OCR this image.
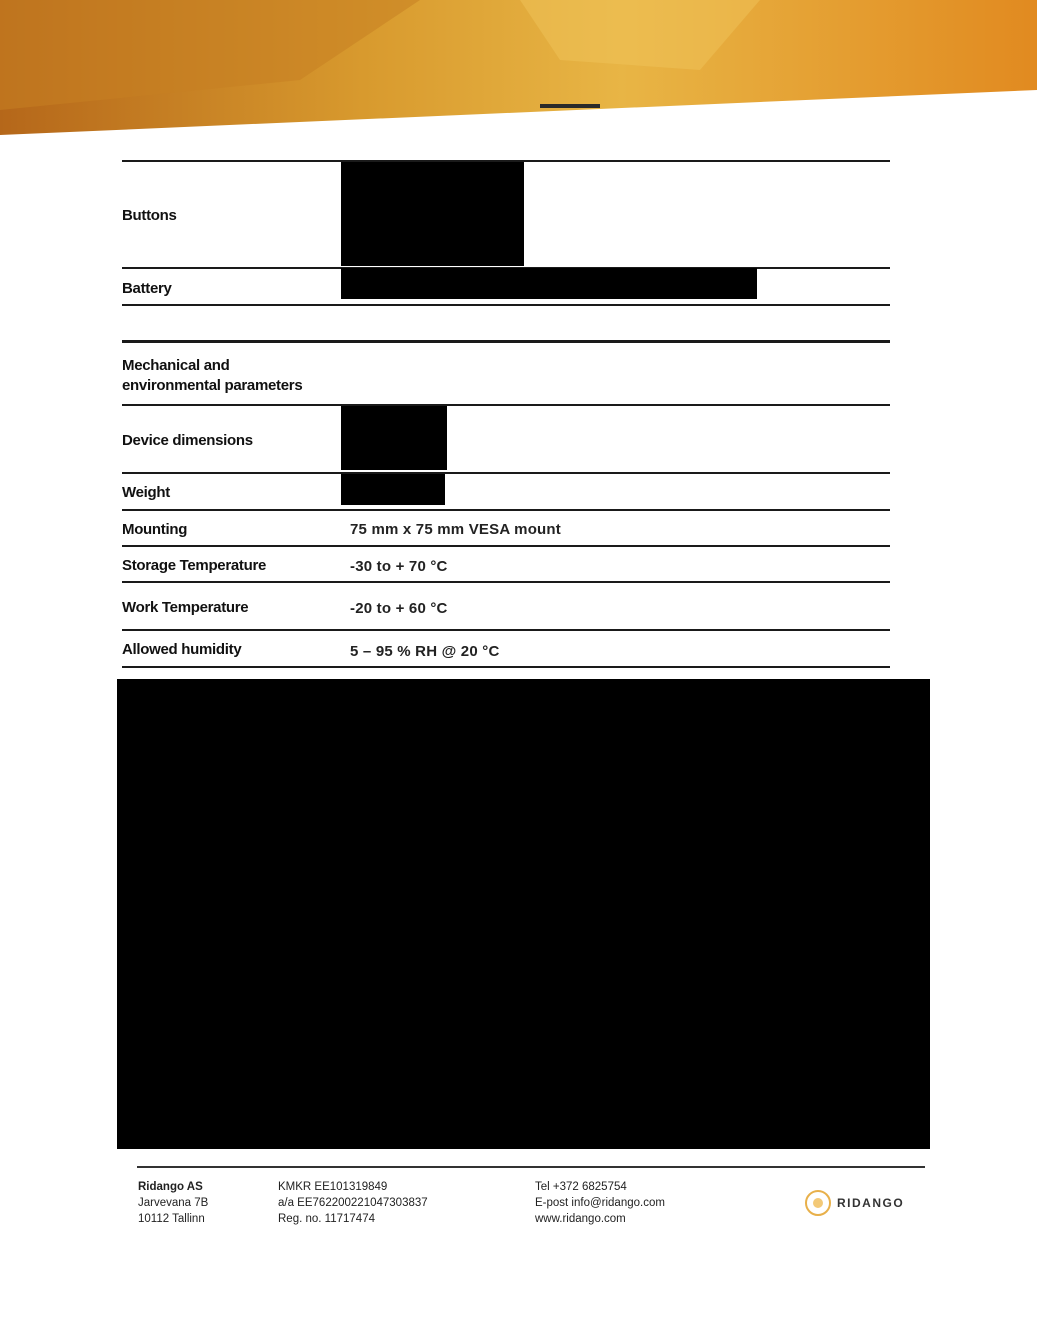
Buttons
Battery
Mechanical and
environmental parameters
Device dimensions
Weight
Mounting	75 mm x 75 mm VESA mount
Storage Temperature	-30 to + 70 °C
Work Temperature	-20 to + 60 °C
Allowed humidity	5 – 95 % RH @ 20 °C
Ridango AS
Jarvevana 7B
10112 Tallinn
KMKR EE101319849
a/a EE762200221047303837
Reg. no. 11717474
Tel +372 6825754
E-post info@ridango.com
www.ridango.com
RIDANGO
